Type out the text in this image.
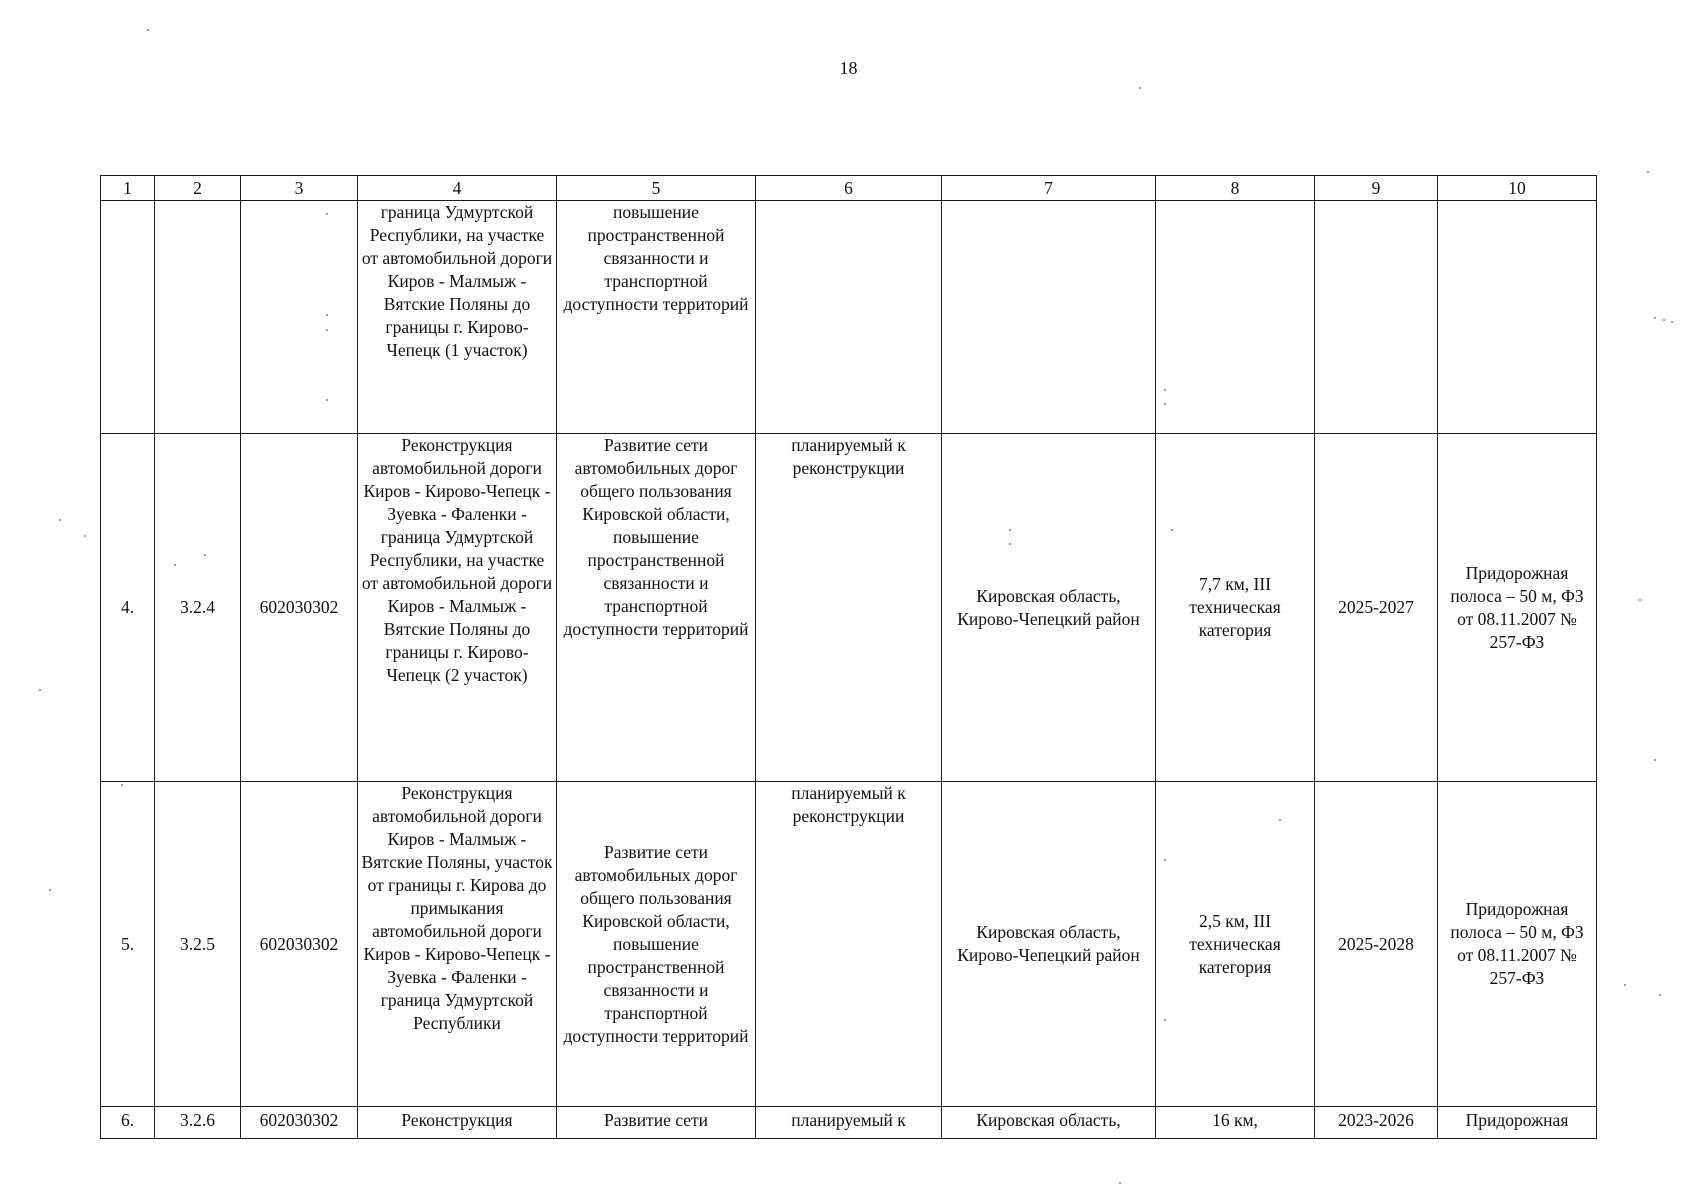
18
1	2	3	4	5	6	7	8	9	10
			граница Удмуртской Республики, на участке от автомобильной дороги Киров - Малмыж - Вятские Поляны до границы г. Кирово-Чепецк (1 участок)	повышение пространственной связанности и транспортной доступности территорий					
4.	3.2.4	602030302	Реконструкция автомобильной дороги Киров - Кирово-Чепецк - Зуевка - Фаленки - граница Удмуртской Республики, на участке от автомобильной дороги Киров - Малмыж - Вятские Поляны до границы г. Кирово-Чепецк (2 участок)	Развитие сети автомобильных дорог общего пользования Кировской области, повышение пространственной связанности и транспортной доступности территорий	планируемый к реконструкции	Кировская область, Кирово-Чепецкий район	7,7 км, III техническая категория	2025-2027	Придорожная полоса – 50 м, ФЗ от 08.11.2007 № 257-ФЗ
5.	3.2.5	602030302	Реконструкция автомобильной дороги Киров - Малмыж - Вятские Поляны, участок от границы г. Кирова до примыкания автомобильной дороги Киров - Кирово-Чепецк - Зуевка - Фаленки - граница Удмуртской Республики	Развитие сети автомобильных дорог общего пользования Кировской области, повышение пространственной связанности и транспортной доступности территорий	планируемый к реконструкции	Кировская область, Кирово-Чепецкий район	2,5 км, III техническая категория	2025-2028	Придорожная полоса – 50 м, ФЗ от 08.11.2007 № 257-ФЗ
6.	3.2.6	602030302	Реконструкция	Развитие сети	планируемый к	Кировская область,	16 км,	2023-2026	Придорожная
